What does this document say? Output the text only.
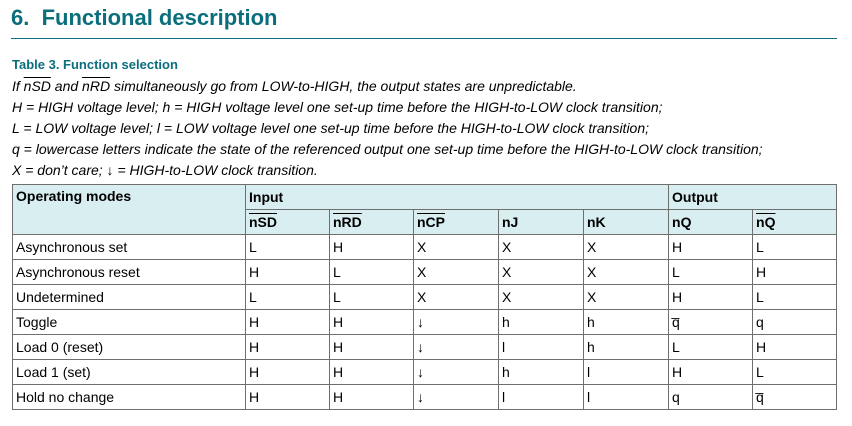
6. Functional description

Table 3. Function selection

If $\overline{nSD}$ and $\overline{nRD}$ simultaneously go from LOW-to-HIGH, the output states are unpredictable.

H = HIGH voltage level; h = HIGH voltage level one set-up time before the HIGH-to-LOW clock transition;

L = LOW voltage level; l = LOW voltage level one set-up time before the HIGH-to-LOW clock transition;

q = lowercase letters indicate the state of the referenced output one set-up time before the HIGH-to-LOW clock transition;

X = don’t care; ↓ = HIGH-to-LOW clock transition.

Operating modes	Input					Output	
	$\overline{nSD}$	$\overline{nRD}$	$\overline{nCP}$	nJ	nK	nQ	$\overline{nQ}$
Asynchronous set	L	H	X	X	X	H	L
Asynchronous reset	H	L	X	X	X	L	H
Undetermined	L	L	X	X	X	H	L
Toggle	H	H	↓	h	h	q̅	q
Load 0 (reset)	H	H	↓	l	h	L	H
Load 1 (set)	H	H	↓	h	l	H	L
Hold no change	H	H	↓	l	l	q	q̅
